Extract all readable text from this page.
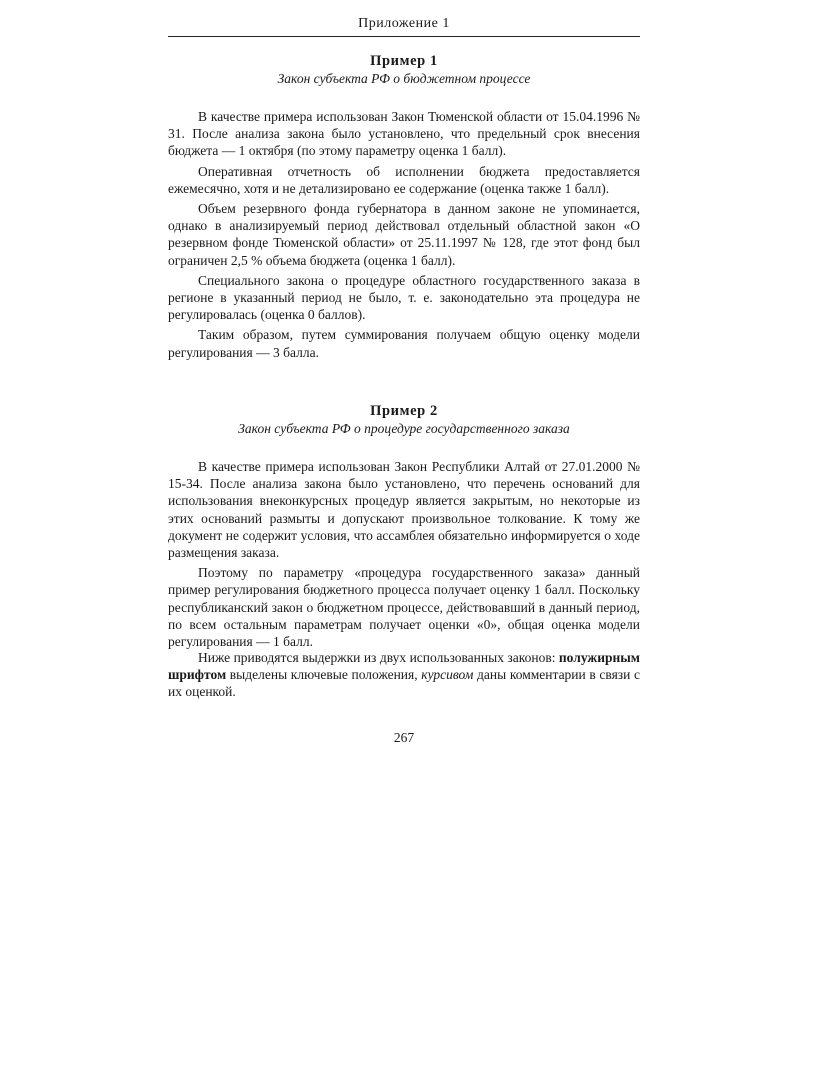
Приложение 1
Пример 1
Закон субъекта РФ о бюджетном процессе

В качестве примера использован Закон Тюменской области от 15.04.1996 № 31. После анализа закона было установлено, что предельный срок внесения бюджета — 1 октября (по этому параметру оценка 1 балл).

Оперативная отчетность об исполнении бюджета предоставляется ежемесячно, хотя и не детализировано ее содержание (оценка также 1 балл).

Объем резервного фонда губернатора в данном законе не упоминается, однако в анализируемый период действовал отдельный областной закон «О резервном фонде Тюменской области» от 25.11.1997 № 128, где этот фонд был ограничен 2,5 % объема бюджета (оценка 1 балл).

Специального закона о процедуре областного государственного заказа в регионе в указанный период не было, т. е. законодательно эта процедура не регулировалась (оценка 0 баллов).

Таким образом, путем суммирования получаем общую оценку модели регулирования — 3 балла.

Пример 2
Закон субъекта РФ о процедуре государственного заказа

В качестве примера использован Закон Республики Алтай от 27.01.2000 № 15-34. После анализа закона было установлено, что перечень оснований для использования внеконкурсных процедур является закрытым, но некоторые из этих оснований размыты и допускают произвольное толкование. К тому же документ не содержит условия, что ассамблея обязательно информируется о ходе размещения заказа.

Поэтому по параметру «процедура государственного заказа» данный пример регулирования бюджетного процесса получает оценку 1 балл. Поскольку республиканский закон о бюджетном процессе, действовавший в данный период, по всем остальным параметрам получает оценки «0», общая оценка модели регулирования — 1 балл.

Ниже приводятся выдержки из двух использованных законов: полужирным шрифтом выделены ключевые положения, курсивом даны комментарии в связи с их оценкой.

267
